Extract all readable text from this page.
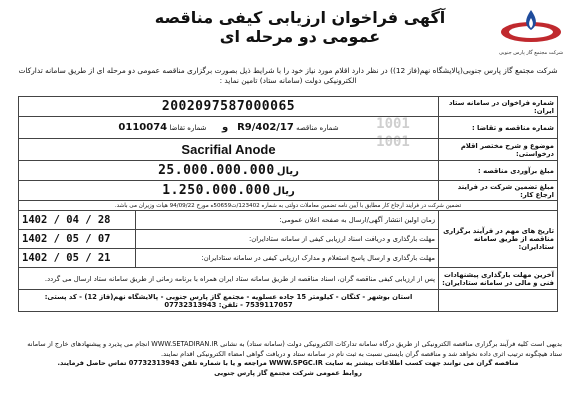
شرکت مجتمع گاز پارس جنوبی
آگهی فراخوان ارزیابی کیفی مناقصه عمومی دو مرحله ای
شرکت مجتمع گاز پارس جنوبی(پالایشگاه نهم(فاز 12)) در نظر دارد اقلام مورد نیاز خود را با شرایط ذیل بصورت برگزاری مناقصه عمومی دو مرحله ای از طریق سامانه تدارکات الکترونیکی دولت (سامانه ستاد) تامین نماید :
1001
1001
شماره فراخوان در سامانه ستاد ایران:	2002097587000065	
شماره مناقصه و تقاضا :	شماره مناقصه R9/402/17    و       شماره تقاضا 0110074	
موضوع و شرح مختصر اقلام درخواستی:	Sacrifial Anode	
مبلغ برآوردی مناقصه :	ریال 25.000.000.000	
مبلغ تضمین شرکت در فرایند ارجاع کار:	ریال 1.250.000.000	
تضمین شرکت در فرایند ارجاع کار مطابق با آیین نامه تضمین معاملات دولتی به شماره 123402/ت50659ه مورخ 94/09/22 هیات وزیران می باشد.		
تاریخ های مهم در فرآیند برگزاری مناقصه از طریق سامانه ستادایران:	زمان اولین انتشار آگهی/ارسال به صفحه اعلان عمومی:	1402 / 04 / 28
	مهلت بارگذاری و دریافت اسناد ارزیابی کیفی از سامانه ستادایران:	1402 / 05 / 07
	مهلت بارگذاری و ارسال پاسخ استعلام و مدارک ارزیابی کیفی در سامانه ستادایران:	1402 / 05 / 21
آخرین مهلت بارگذاری پیشنهادات فنی و مالی در سامانه ستادایران:	پس از ارزیابی کیفی مناقصه گران، اسناد مناقصه از طریق سامانه ستاد ایران همراه با برنامه زمانی از طریق سامانه ستاد ارسال می گردد.	
	استان بوشهر - کنگان - کیلومتر 15 جاده عسلویه - مجتمع گاز پارس جنوبی - پالایشگاه نهم(فاز 12) - کد پستی: 7539117057 - تلفن: 07732313943	
بدیهی است کلیه فرآیند برگزاری مناقصه الکترونیکی از طریق درگاه سامانه تدارکات الکترونیکی دولت (سامانه ستاد) به نشانی WWW.SETADIRAN.IR انجام می پذیرد و پیشنهادهای خارج از سامانه ستاد هیچگونه ترتیب اثری داده نخواهد شد و مناقصه گران بایستی نسبت به ثبت نام در سامانه ستاد و دریافت گواهی امضاء الکترونیکی اقدام نمایند.
مناقصه گران می توانند جهت کسب اطلاعات بیشتر به سایت WWW.SPGC.IR مراجعه و یا با شماره تلفن 07732313943 تماس حاصل فرمایند.
روابط عمومی شرکت مجتمع گاز پارس جنوبی
